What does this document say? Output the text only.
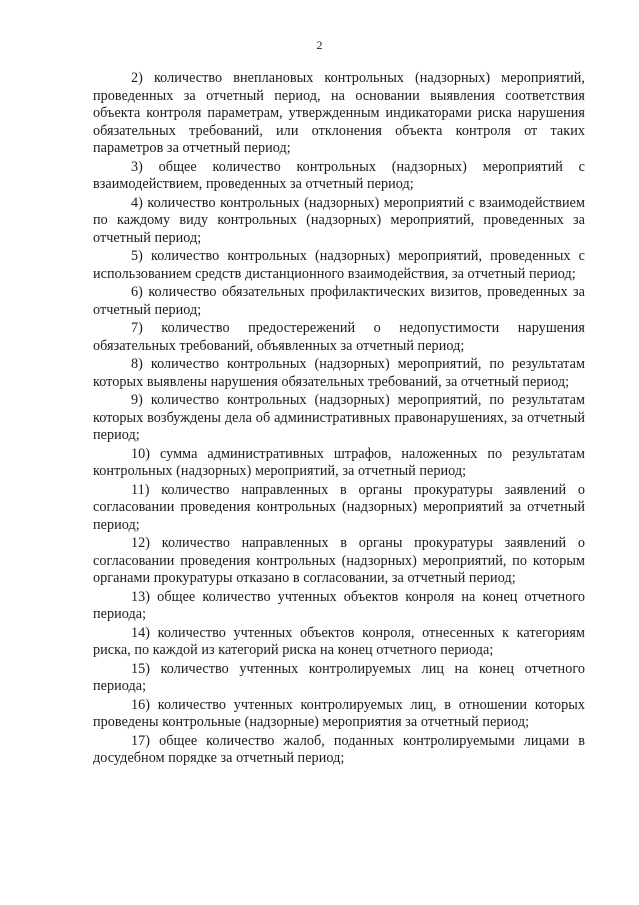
2

2) количество внеплановых контрольных (надзорных) мероприятий, проведенных за отчетный период, на основании выявления соответствия объекта контроля параметрам, утвержденным индикаторами риска нарушения обязательных требований, или отклонения объекта контроля от таких параметров за отчетный период;

3) общее количество контрольных (надзорных) мероприятий с взаимодействием, проведенных за отчетный период;

4) количество контрольных (надзорных) мероприятий с взаимодействием по каждому виду контрольных (надзорных) мероприятий, проведенных за отчетный период;

5) количество контрольных (надзорных) мероприятий, проведенных с использованием средств дистанционного взаимодействия, за отчетный период;

6) количество обязательных профилактических визитов, проведенных за отчетный период;

7) количество предостережений о недопустимости нарушения обязательных требований, объявленных за отчетный период;

8) количество контрольных (надзорных) мероприятий, по результатам которых выявлены нарушения обязательных требований, за отчетный период;

9) количество контрольных (надзорных) мероприятий, по результатам которых возбуждены дела об административных правонарушениях, за отчетный период;

10) сумма административных штрафов, наложенных по результатам контрольных (надзорных) мероприятий, за отчетный период;

11) количество направленных в органы прокуратуры заявлений о согласовании проведения контрольных (надзорных) мероприятий за отчетный период;

12) количество направленных в органы прокуратуры заявлений о согласовании проведения контрольных (надзорных) мероприятий, по которым органами прокуратуры отказано в согласовании, за отчетный период;

13) общее количество учтенных объектов конроля на конец отчетного периода;

14) количество учтенных объектов конроля, отнесенных к категориям риска, по каждой из категорий риска на конец отчетного периода;

15) количество учтенных контролируемых лиц на конец отчетного периода;

16) количество учтенных контролируемых лиц, в отношении которых проведены контрольные (надзорные) мероприятия за отчетный период;

17) общее количество жалоб, поданных контролируемыми лицами в досудебном порядке за отчетный период;
